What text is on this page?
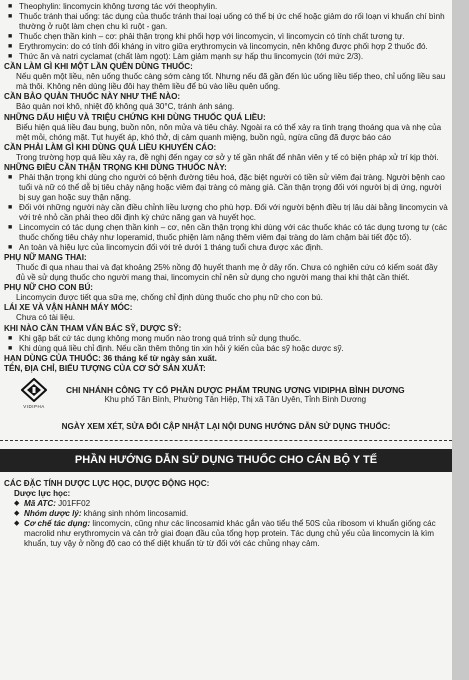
■ Theophylin: lincomycin không tương tác với theophylin.
■ Thuốc tránh thai uống: tác dụng của thuốc tránh thai loại uống có thể bị ức chế hoặc giảm do rối loạn vi khuẩn chí bình thường ở ruột làm chẹn chu kì ruột - gan.
■ Thuốc chẹn thần kinh – cơ: phải thận trọng khi phối hợp với lincomycin, vì lincomycin có tính chất tương tự.
■ Erythromycin: do có tính đối kháng in vitro giữa erythromycin và lincomycin, nên không được phối hợp 2 thuốc đó.
■ Thức ăn và natri cyclamat (chất làm ngọt): Làm giảm mạnh sự hấp thu lincomycin (tới mức 2/3).
CẦN LÀM GÌ KHI MỘT LẦN QUÊN DÙNG THUỐC:
Nếu quên một liều, nên uống thuốc càng sớm càng tốt. Nhưng nếu đã gần đến lúc uống liều tiếp theo, chỉ uống liều sau mà thôi. Không nên dùng liều đôi hay thêm liều để bù vào liều quên uống.
CẦN BẢO QUẢN THUỐC NÀY NHƯ THẾ NÀO:
Bảo quản nơi khô, nhiệt độ không quá 30°C, tránh ánh sáng.
NHỮNG DẤU HIỆU VÀ TRIỆU CHỨNG KHI DÙNG THUỐC QUÁ LIỀU:
Biểu hiện quá liều đau bụng, buồn nôn, nôn mửa và tiêu chảy. Ngoài ra có thể xảy ra tình trạng thoáng qua và nhẹ của mệt mỏi, chóng mặt. Tụt huyết áp, khó thở, dị cảm quanh miệng, buồn ngủ, ngừa cũng đã được báo cáo
CẦN PHẢI LÀM GÌ KHI DÙNG QUÁ LIỀU KHUYẾN CÁO:
Trong trường hợp quá liều xảy ra, đề nghị đến ngay cơ sở y tế gần nhất để nhân viên y tế có biện pháp xử trí kịp thời.
NHỮNG ĐIỀU CẦN THẬN TRỌNG KHI DÙNG THUỐC NÀY:
■ Phải thận trọng khi dùng cho người có bệnh đường tiêu hoá, đặc biệt người có tiền sử viêm đại tràng. Người bệnh cao tuổi và nữ có thể dễ bị tiêu chảy nặng hoặc viêm đại tràng có màng giả. Cần thận trọng đối với người bị dị ứng, người bị suy gan hoặc suy thận nặng.
■ Đối với những người này cần điều chỉnh liều lượng cho phù hợp. Đối với người bệnh điều trị lâu dài bằng lincomycin và với trẻ nhỏ cần phải theo dõi định kỳ chức năng gan và huyết học.
■ Lincomycin có tác dụng chẹn thần kinh – cơ, nên cần thận trọng khi dùng với các thuốc khác có tác dụng tương tự (các thuốc chống tiêu chảy như loperamid, thuốc phiện làm nặng thêm viêm đại tràng do làm chậm bài tiết độc tố).
■ An toàn và hiệu lực của lincomycin đối với trẻ dưới 1 tháng tuổi chưa được xác định.
PHỤ NỮ MANG THAI:
Thuốc đi qua nhau thai và đạt khoảng 25% nồng độ huyết thanh mẹ ở dây rốn. Chưa có nghiên cứu có kiểm soát đầy đủ về sử dụng thuốc cho người mang thai, lincomycin chỉ nên sử dụng cho người mang thai khi thật cần thiết.
PHỤ NỮ CHO CON BÚ:
Lincomycin được tiết qua sữa mẹ, chống chỉ định dùng thuốc cho phụ nữ cho con bú.
LÁI XE VÀ VẬN HÀNH MÁY MÓC:
Chưa có tài liệu.
KHI NÀO CẦN THAM VẤN BÁC SỸ, DƯỢC SỸ:
■ Khi gặp bất cứ tác dụng không mong muốn nào trong quá trình sử dụng thuốc.
■ Khi dùng quá liều chỉ định. Nếu cần thêm thông tin xin hỏi ý kiến của bác sỹ hoặc dược sỹ.
HẠN DÙNG CỦA THUỐC: 36 tháng kể từ ngày sản xuất.
TÊN, ĐỊA CHỈ, BIỂU TƯỢNG CỦA CƠ SỞ SẢN XUẤT:
VIDIPHA
CHI NHÁNH CÔNG TY CỔ PHẦN DƯỢC PHẨM TRUNG ƯƠNG VIDIPHA BÌNH DƯƠNG
Khu phố Tân Bình, Phường Tân Hiệp, Thị xã Tân Uyên, Tỉnh Bình Dương
NGÀY XEM XÉT, SỬA ĐỔI CẬP NHẬT LẠI NỘI DUNG HƯỚNG DẪN SỬ DỤNG THUỐC:
PHẦN HƯỚNG DẪN SỬ DỤNG THUỐC CHO CÁN BỘ Y TẾ
CÁC ĐẶC TÍNH DƯỢC LỰC HỌC, DƯỢC ĐỘNG HỌC:
Dược lực học:
◆ Mã ATC: J01FF02
◆ Nhóm dược lý: kháng sinh nhóm lincosamid.
◆ Cơ chế tác dụng: lincomycin, cũng như các lincosamid khác gắn vào tiểu thể 50S của ribosom vi khuẩn giống các macrolid như erythromycin và cản trở giai đoạn đầu của tổng hợp protein. Tác dụng chủ yếu của lincomycin là kìm khuẩn, tuy vậy ở nồng độ cao có thể diệt khuẩn từ từ đối với các chủng nhạy cảm.
